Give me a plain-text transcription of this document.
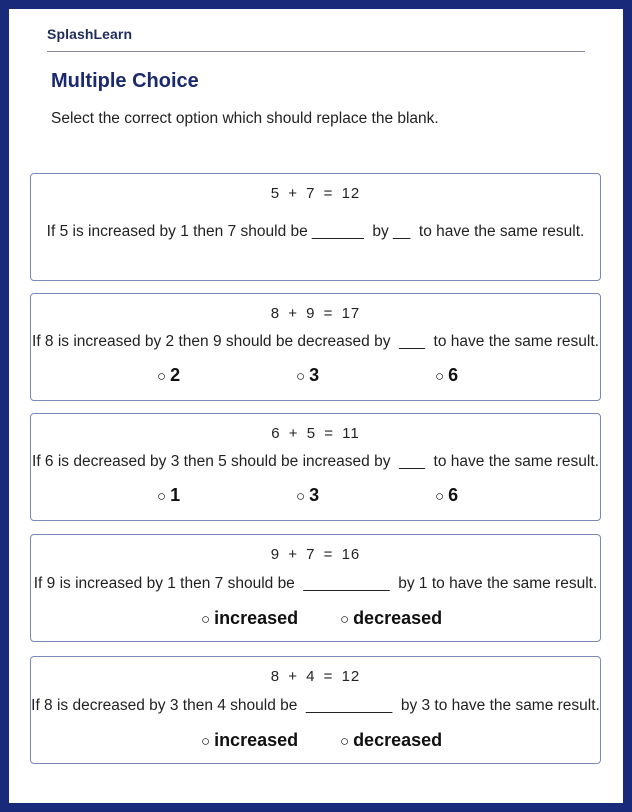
SplashLearn
Multiple Choice
Select the correct option which should replace the blank.
5 + 7 = 12
If 5 is increased by 1 then 7 should be ______  by __  to have the same result.
8 + 9 = 17
If 8 is increased by 2 then 9 should be decreased by  ___  to have the same result.
○ 2	○ 3	○ 6
6 + 5 = 11
If 6 is decreased by 3 then 5 should be increased by  ___  to have the same result.
○ 1	○ 3	○ 6
9 + 7 = 16
If 9 is increased by 1 then 7 should be  __________  by 1 to have the same result.
○ increased	○ decreased
8 + 4 = 12
If 8 is decreased by 3 then 4 should be  __________  by 3 to have the same result.
○ increased	○ decreased
